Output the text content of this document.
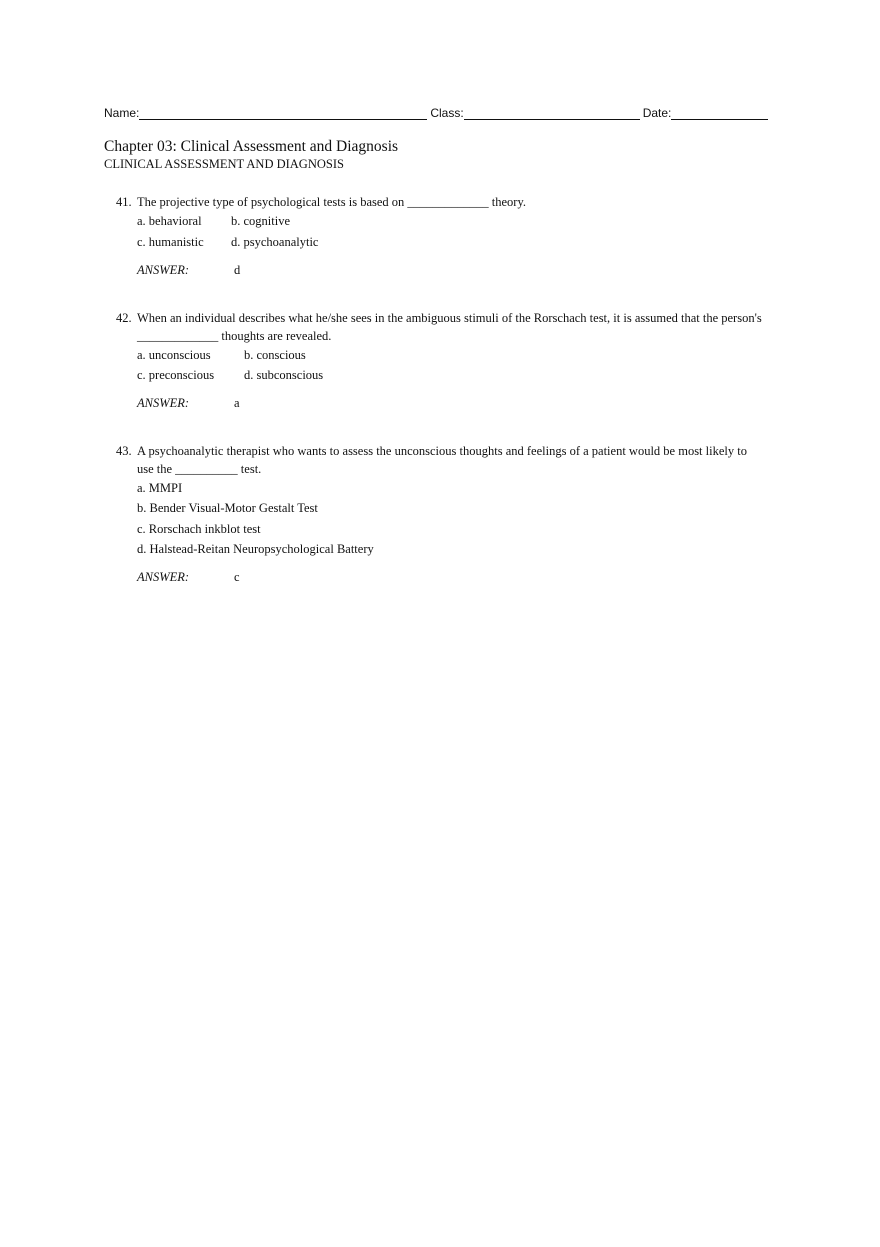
Name:	Class:	Date:
Chapter 03: Clinical Assessment and Diagnosis
CLINICAL ASSESSMENT AND DIAGNOSIS
41. The projective type of psychological tests is based on _____________ theory.
a. behavioral	b. cognitive
c. humanistic	d. psychoanalytic
ANSWER:	d
42. When an individual describes what he/she sees in the ambiguous stimuli of the Rorschach test, it is assumed that the person's _____________ thoughts are revealed.
a. unconscious	b. conscious
c. preconscious	d. subconscious
ANSWER:	a
43. A psychoanalytic therapist who wants to assess the unconscious thoughts and feelings of a patient would be most likely to use the __________ test.
a. MMPI
b. Bender Visual-Motor Gestalt Test
c. Rorschach inkblot test
d. Halstead-Reitan Neuropsychological Battery
ANSWER:	c
